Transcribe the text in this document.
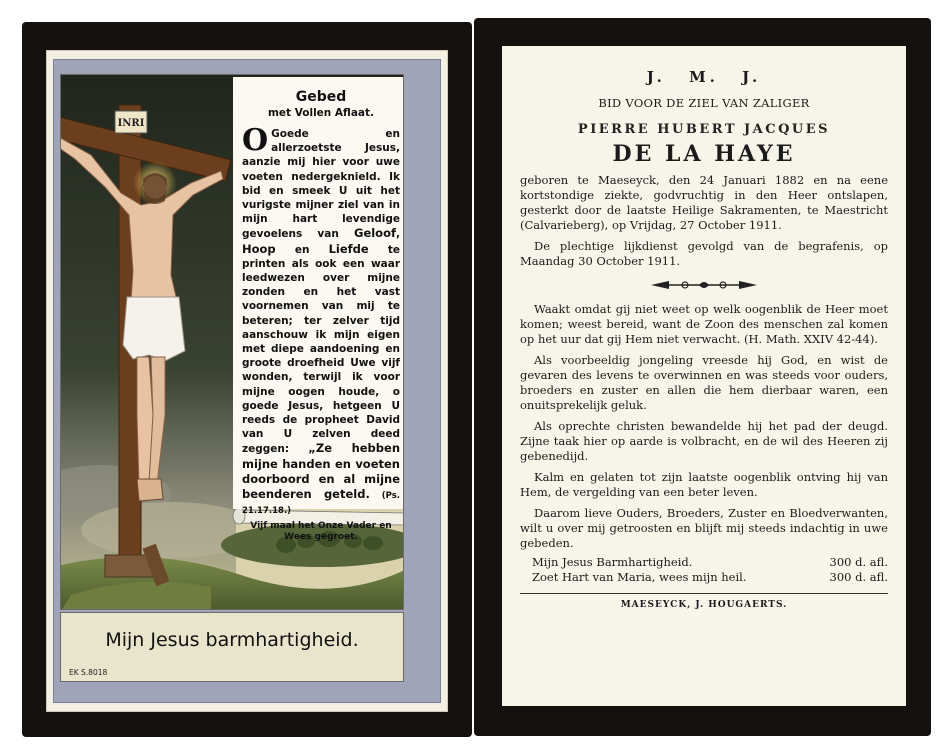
INRI
Gebed
met Vollen Aflaat.
O Goede en allerzoetste Jesus, aanzie mij hier voor uwe voeten nedergeknield. Ik bid en smeek U uit het vurigste mijner ziel van in mijn hart levendige gevoelens van Geloof, Hoop en Liefde te printen als ook een waar leedwezen over mijne zonden en het vast voornemen van mij te beteren; ter zelver tijd aanschouw ik mijn eigen met diepe aandoening en groote droefheid Uwe vijf wonden, terwijl ik voor mijne oogen houde, o goede Jesus, hetgeen U reeds de propheet David van U zelven deed zeggen: „Ze hebben mijne handen en voeten doorboord en al mijne beenderen geteld. (Ps. 21.17.18.)
Vijf maal het Onze Vader en Wees gegroet.
Mijn Jesus barmhartigheid.
EK S.8018
J. M. J.
BID VOOR DE ZIEL VAN ZALIGER
PIERRE HUBERT JACQUES
DE LA HAYE
geboren te Maeseyck, den 24 Januari 1882 en na eene kortstondige ziekte, godvruchtig in den Heer ontslapen, gesterkt door de laatste Heilige Sakramenten, te Maestricht (Calvarieberg), op Vrijdag, 27 October 1911.
De plechtige lijkdienst gevolgd van de begrafenis, op Maandag 30 October 1911.
Waakt omdat gij niet weet op welk oogenblik de Heer moet komen; weest bereid, want de Zoon des menschen zal komen op het uur dat gij Hem niet verwacht. (H. Math. XXIV 42-44).
Als voorbeeldig jongeling vreesde hij God, en wist de gevaren des levens te overwinnen en was steeds voor ouders, broeders en zuster en allen die hem dierbaar waren, een onuitsprekelijk geluk.
Als oprechte christen bewandelde hij het pad der deugd. Zijne taak hier op aarde is volbracht, en de wil des Heeren zij gebenedijd.
Kalm en gelaten tot zijn laatste oogenblik ontving hij van Hem, de vergelding van een beter leven.
Daarom lieve Ouders, Broeders, Zuster en Bloedverwanten, wilt u over mij getroosten en blijft mij steeds indachtig in uwe gebeden.
Mijn Jesus Barmhartigheid.	300 d. afl.
Zoet Hart van Maria, wees mijn heil.	300 d. afl.
MAESEYCK, J. HOUGAERTS.
